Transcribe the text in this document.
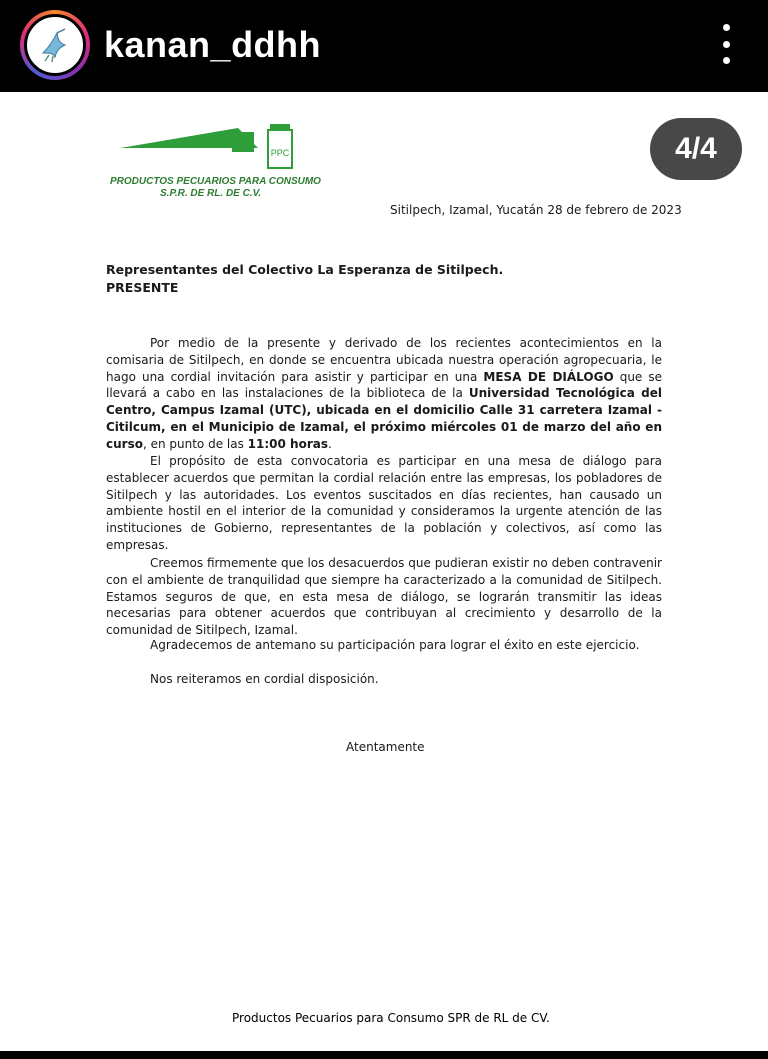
kanan_ddhh
PPC
PRODUCTOS PECUARIOS PARA CONSUMO
S.P.R. DE RL. DE C.V.
4/4
Sitilpech, Izamal, Yucatán 28 de febrero de 2023
Representantes del Colectivo La Esperanza de Sitilpech.
PRESENTE

Por medio de la presente y derivado de los recientes acontecimientos en la comisaria de Sitilpech, en donde se encuentra ubicada nuestra operación agropecuaria, le hago una cordial invitación para asistir y participar en una MESA DE DIÁLOGO que se llevará a cabo en las instalaciones de la biblioteca de la Universidad Tecnológica del Centro, Campus Izamal (UTC), ubicada en el domicilio Calle 31 carretera Izamal - Citilcum, en el Municipio de Izamal, el próximo miércoles 01 de marzo del año en curso, en punto de las 11:00 horas.

El propósito de esta convocatoria es participar en una mesa de diálogo para establecer acuerdos que permitan la cordial relación entre las empresas, los pobladores de Sitilpech y las autoridades. Los eventos suscitados en días recientes, han causado un ambiente hostil en el interior de la comunidad y consideramos la urgente atención de las instituciones de Gobierno, representantes de la población y colectivos, así como las empresas.

Creemos firmemente que los desacuerdos que pudieran existir no deben contravenir con el ambiente de tranquilidad que siempre ha caracterizado a la comunidad de Sitilpech. Estamos seguros de que, en esta mesa de diálogo, se lograrán transmitir las ideas necesarias para obtener acuerdos que contribuyan al crecimiento y desarrollo de la comunidad de Sitilpech, Izamal.

Agradecemos de antemano su participación para lograr el éxito en este ejercicio.
Nos reiteramos en cordial disposición.
Atentamente
Productos Pecuarios para Consumo SPR de RL de CV.
